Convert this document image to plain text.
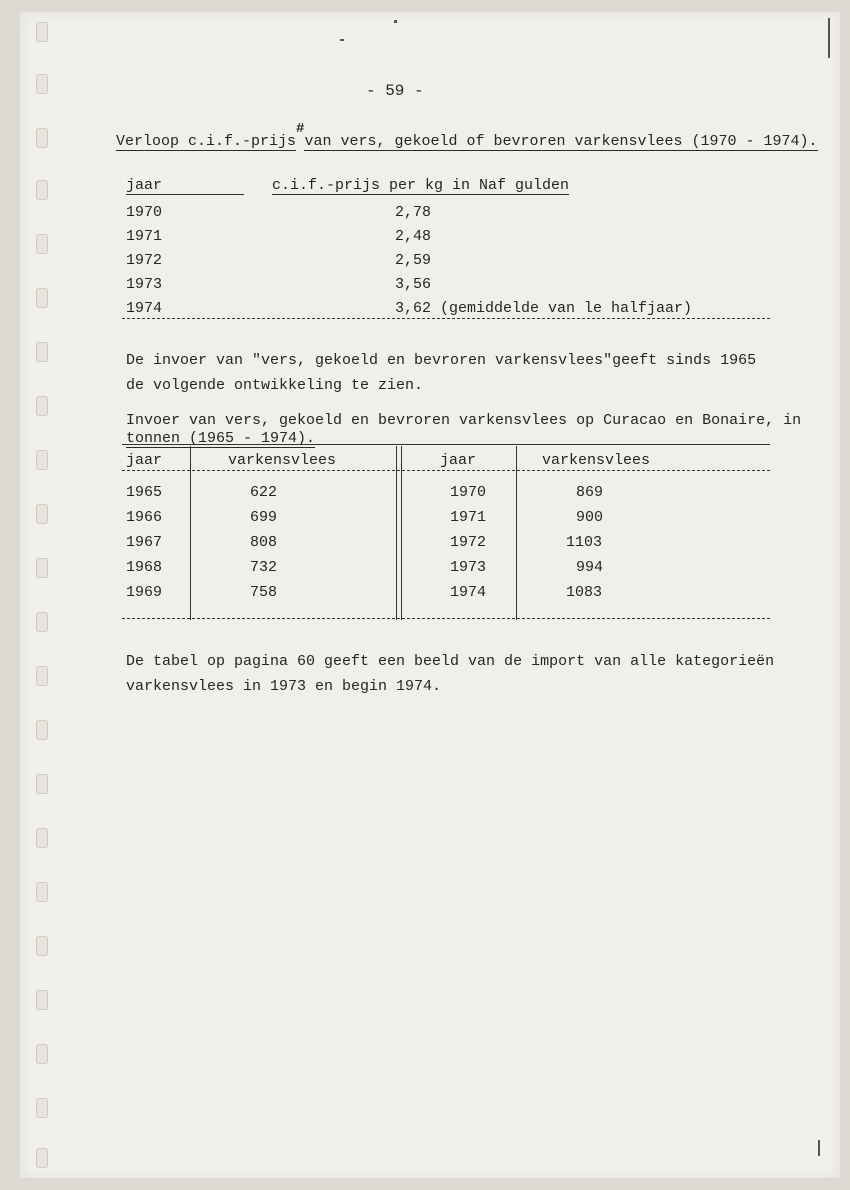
- 59 -
Verloop c.i.f.-prijs#van vers, gekoeld of bevroren varkensvlees (1970 - 1974).
jaar	c.i.f.-prijs per kg in Naf gulden
1970	2,78
1971	2,48
1972	2,59
1973	3,56
1974	3,62 (gemiddelde van le halfjaar)
De invoer van "vers, gekoeld en bevroren varkensvlees"geeft sinds 1965
de volgende ontwikkeling te zien.
Invoer van vers, gekoeld en bevroren varkensvlees op Curacao en Bonaire, in
tonnen (1965 - 1974).
jaar	varkensvlees	jaar	varkensvlees
1965	622	1970	869
1966	699	1971	900
1967	808	1972	1103
1968	732	1973	994
1969	758	1974	1083
De tabel op pagina 60 geeft een beeld van de import van alle kategorieën
varkensvlees in 1973 en begin 1974.
